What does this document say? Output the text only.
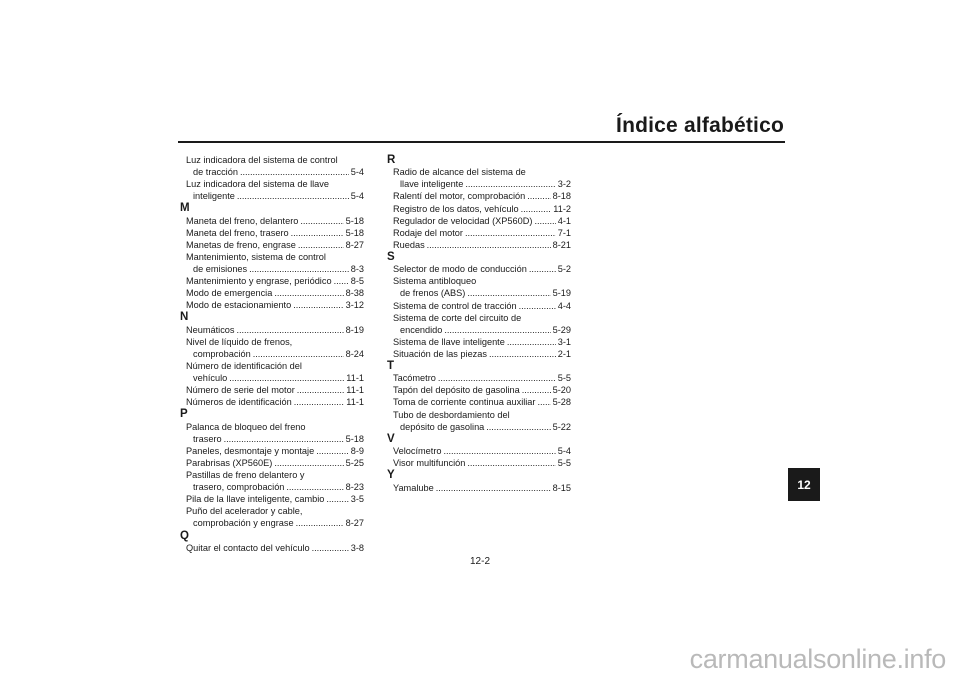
Índice alfabético
Luz indicadora del sistema de control
de tracción . . .	5-4
Luz indicadora del sistema de llave
inteligente . . .	5-4
M
Maneta del freno, delantero . . .	5-18
Maneta del freno, trasero . . .	5-18
Manetas de freno, engrase . . .	8-27
Mantenimiento, sistema de control
de emisiones . . .	8-3
Mantenimiento y engrase, periódico . . . 8-5
Modo de emergencia . . .	8-38
Modo de estacionamiento . . .	3-12
N
Neumáticos . . .	8-19
Nivel de líquido de frenos,
comprobación . . .	8-24
Número de identificación del
vehículo . . .	11-1
Número de serie del motor . . .	11-1
Números de identificación . . .	11-1
P
Palanca de bloqueo del freno
trasero . . .	5-18
Paneles, desmontaje y montaje . . .	8-9
Parabrisas (XP560E) . . .	5-25
Pastillas de freno delantero y
trasero, comprobación . . .	8-23
Pila de la llave inteligente, cambio . . .	3-5
Puño del acelerador y cable,
comprobación y engrase . . .	8-27
Q
Quitar el contacto del vehículo . . .	3-8
R
Radio de alcance del sistema de
llave inteligente . . .	3-2
Ralentí del motor, comprobación . . .	8-18
Registro de los datos, vehículo . . .	11-2
Regulador de velocidad (XP560D) . . .	4-1
Rodaje del motor . . .	7-1
Ruedas . . .	8-21
S
Selector de modo de conducción . . .	5-2
Sistema antibloqueo
de frenos (ABS) . . .	5-19
Sistema de control de tracción . . .	4-4
Sistema de corte del circuito de
encendido . . .	5-29
Sistema de llave inteligente . . .	3-1
Situación de las piezas . . .	2-1
T
Tacómetro . . .	5-5
Tapón del depósito de gasolina . . .	5-20
Toma de corriente continua auxiliar . . . 5-28
Tubo de desbordamiento del
depósito de gasolina . . .	5-22
V
Velocímetro . . .	5-4
Visor multifunción . . .	5-5
Y
Yamalube . . .	8-15	12
12-2
carmanualsonline.info
